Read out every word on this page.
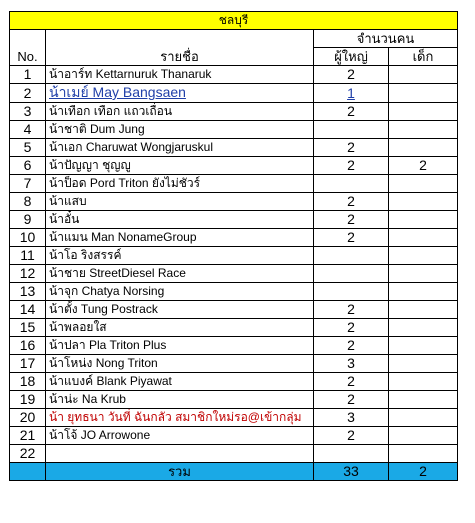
ชลบุรี			
No.	รายชื่อ	จำนวนคน	
		ผู้ใหญ่	เด็ก
1	น้าอาร์ท Kettarnuruk Thanaruk	2	
2	น้าเมย์ May Bangsaen	1	
3	น้าเทือก เทือก แถวเถื่อน	2	
4	น้าชาติ Dum Jung		
5	น้าเอก Charuwat Wongjaruskul	2	
6	น้าปัญญา ชุญญู	2	2
7	น้าป็อด Pord Triton ยังไม่ชัวร์		
8	น้าแสบ	2	
9	น้าอั๋น	2	
10	น้าแมน Man NonameGroup	2	
11	น้าโอ ริงสรรค์		
12	น้าชาย StreetDiesel Race		
13	น้าจุก Chatya Norsing		
14	น้าตั้ง Tung Postrack	2	
15	น้าพลอยใส	2	
16	น้าปลา Pla Triton Plus	2	
17	น้าโหน่ง Nong Triton	3	
18	น้าแบงค์ Blank Piyawat	2	
19	น้าน่ะ Na Krub	2	
20	น้า ยุทธนา วันที่ ฉันกลัว สมาชิกใหม่รอ@เข้ากลุ่ม	3	
21	น้าโจ้ JO Arrowone	2	
22			
	รวม	33	2
